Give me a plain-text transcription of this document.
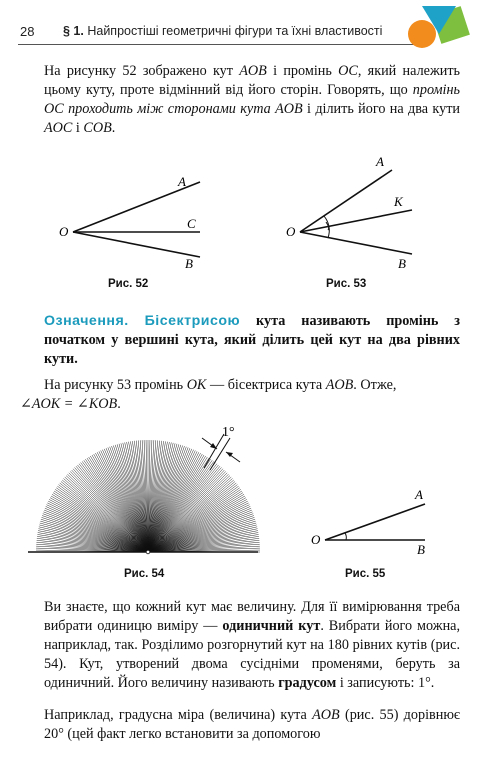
28 § 1. Найпростіші геометричні фігури та їхні властивості
На рисунку 52 зображено кут AOB і промінь OC, який належить цьому куту, проте відмінний від його сторін. Говорять, що промінь OC проходить між сторонами кута AOB і ділить його на два кути AOC і COB.
O
A
C
B
Рис. 52
O
A
K
B
Рис. 53
Означення. Бісектрисою кута називають промінь з початком у вершині кута, який ділить цей кут на два рівних кути.
На рисунку 53 промінь OK — бісектриса кута AOB. Отже,
∠AOK = ∠KOB.
1°
Рис. 54
O
A
B
Рис. 55
Ви знаєте, що кожний кут має величину. Для її вимірювання треба вибрати одиницю виміру — одиничний кут. Вибрати його можна, наприклад, так. Розділимо розгорнутий кут на 180 рівних кутів (рис. 54). Кут, утворений двома сусідніми променями, беруть за одиничний. Його величину називають градусом і записують: 1°.
Наприклад, градусна міра (величина) кута AOB (рис. 55) дорівнює 20° (цей факт легко встановити за допомогою
